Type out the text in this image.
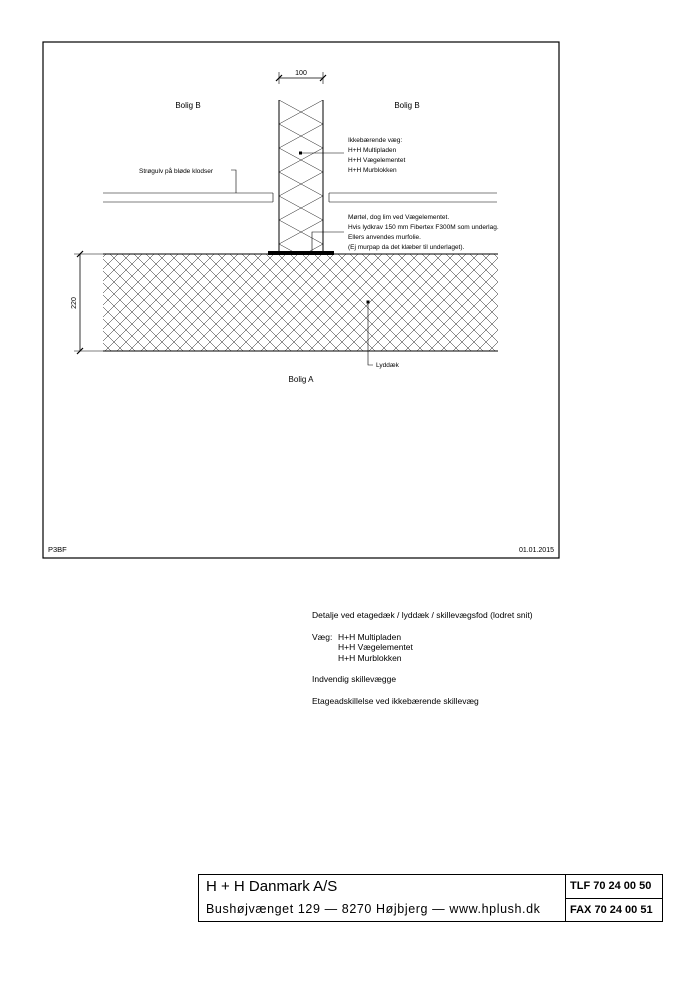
100
220
Bolig B	Bolig B
Bolig A
Strøgulv på bløde klodser
Ikkebærende væg: H+H Multipladen H+H Vægelementet H+H Murblokken
Mørtel, dog lim ved Vægelementet. Hvis lydkrav 150 mm Fibertex F300M som underlag. Ellers anvendes murfolie. (Ej murpap da det klæber til underlaget).
Lyddæk
P3BF	01.01.2015
Detalje ved etagedæk / lyddæk / skillevægsfod (lodret snit)
Væg: H+H Multipladen
H+H Vægelementet
H+H Murblokken
Indvendig skillevægge
Etageadskillelse ved ikkebærende skillevæg
H + H Danmark A/S
Bushøjvænget 129 — 8270 Højbjerg — www.hplush.dk
TLF 70 24 00 50
FAX 70 24 00 51
